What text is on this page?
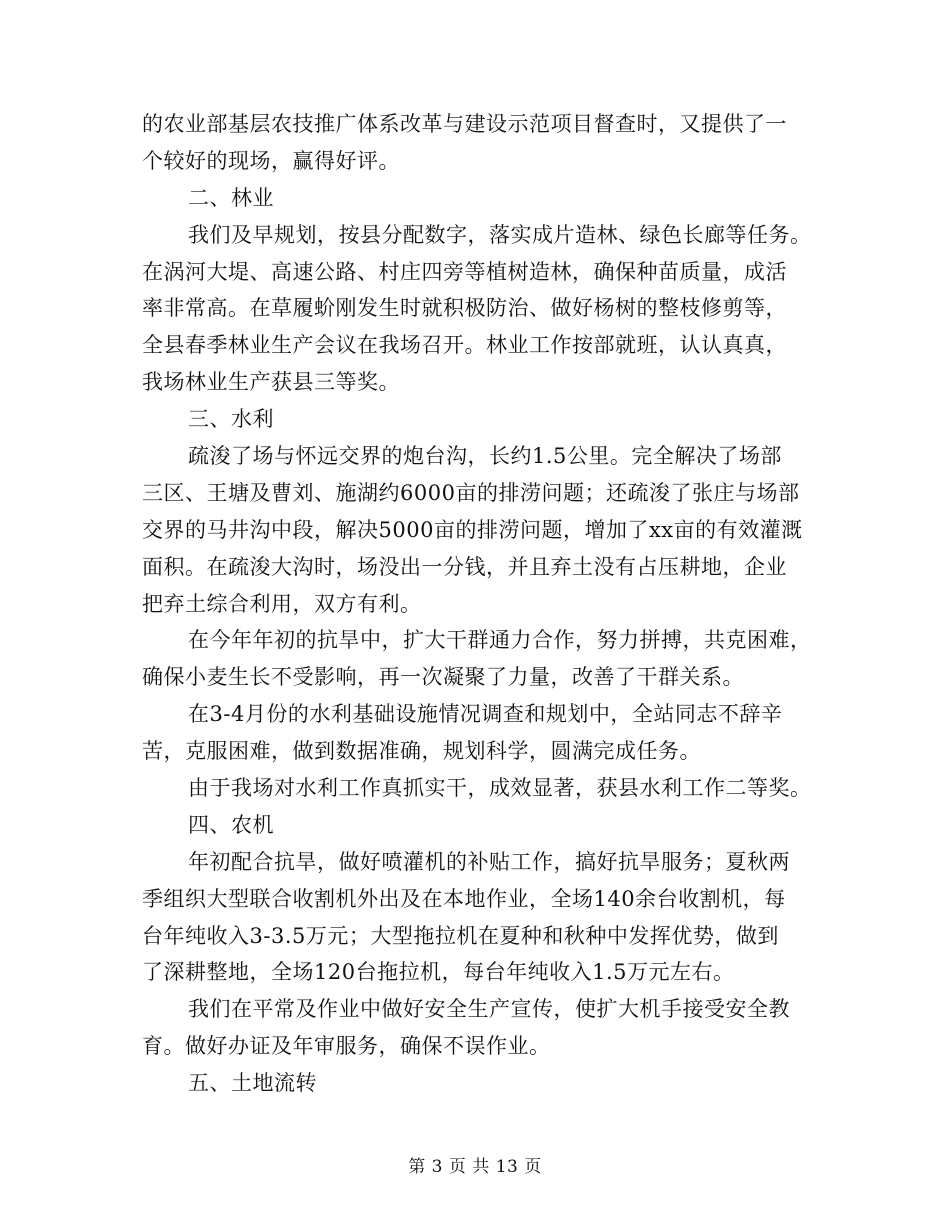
的农业部基层农技推广体系改革与建设示范项目督查时，又提供了一
个较好的现场，赢得好评。
二、林业
我们及早规划，按县分配数字，落实成片造林、绿色长廊等任务。
在涡河大堤、高速公路、村庄四旁等植树造林，确保种苗质量，成活
率非常高。在草履蚧刚发生时就积极防治、做好杨树的整枝修剪等，
全县春季林业生产会议在我场召开。林业工作按部就班，认认真真，
我场林业生产获县三等奖。
三、水利
疏浚了场与怀远交界的炮台沟，长约1.5公里。完全解决了场部
三区、王塘及曹刘、施湖约6000亩的排涝问题；还疏浚了张庄与场部
交界的马井沟中段，解决5000亩的排涝问题，增加了xx亩的有效灌溉
面积。在疏浚大沟时，场没出一分钱，并且弃土没有占压耕地，企业
把弃土综合利用，双方有利。
在今年年初的抗旱中，扩大干群通力合作，努力拼搏，共克困难，
确保小麦生长不受影响，再一次凝聚了力量，改善了干群关系。
在3-4月份的水利基础设施情况调查和规划中，全站同志不辞辛
苦，克服困难，做到数据准确，规划科学，圆满完成任务。
由于我场对水利工作真抓实干，成效显著，获县水利工作二等奖。
四、农机
年初配合抗旱，做好喷灌机的补贴工作，搞好抗旱服务；夏秋两
季组织大型联合收割机外出及在本地作业，全场140余台收割机，每
台年纯收入3-3.5万元；大型拖拉机在夏种和秋种中发挥优势，做到
了深耕整地，全场120台拖拉机，每台年纯收入1.5万元左右。
我们在平常及作业中做好安全生产宣传，使扩大机手接受安全教
育。做好办证及年审服务，确保不误作业。
五、土地流转
第 3 页 共 13 页
